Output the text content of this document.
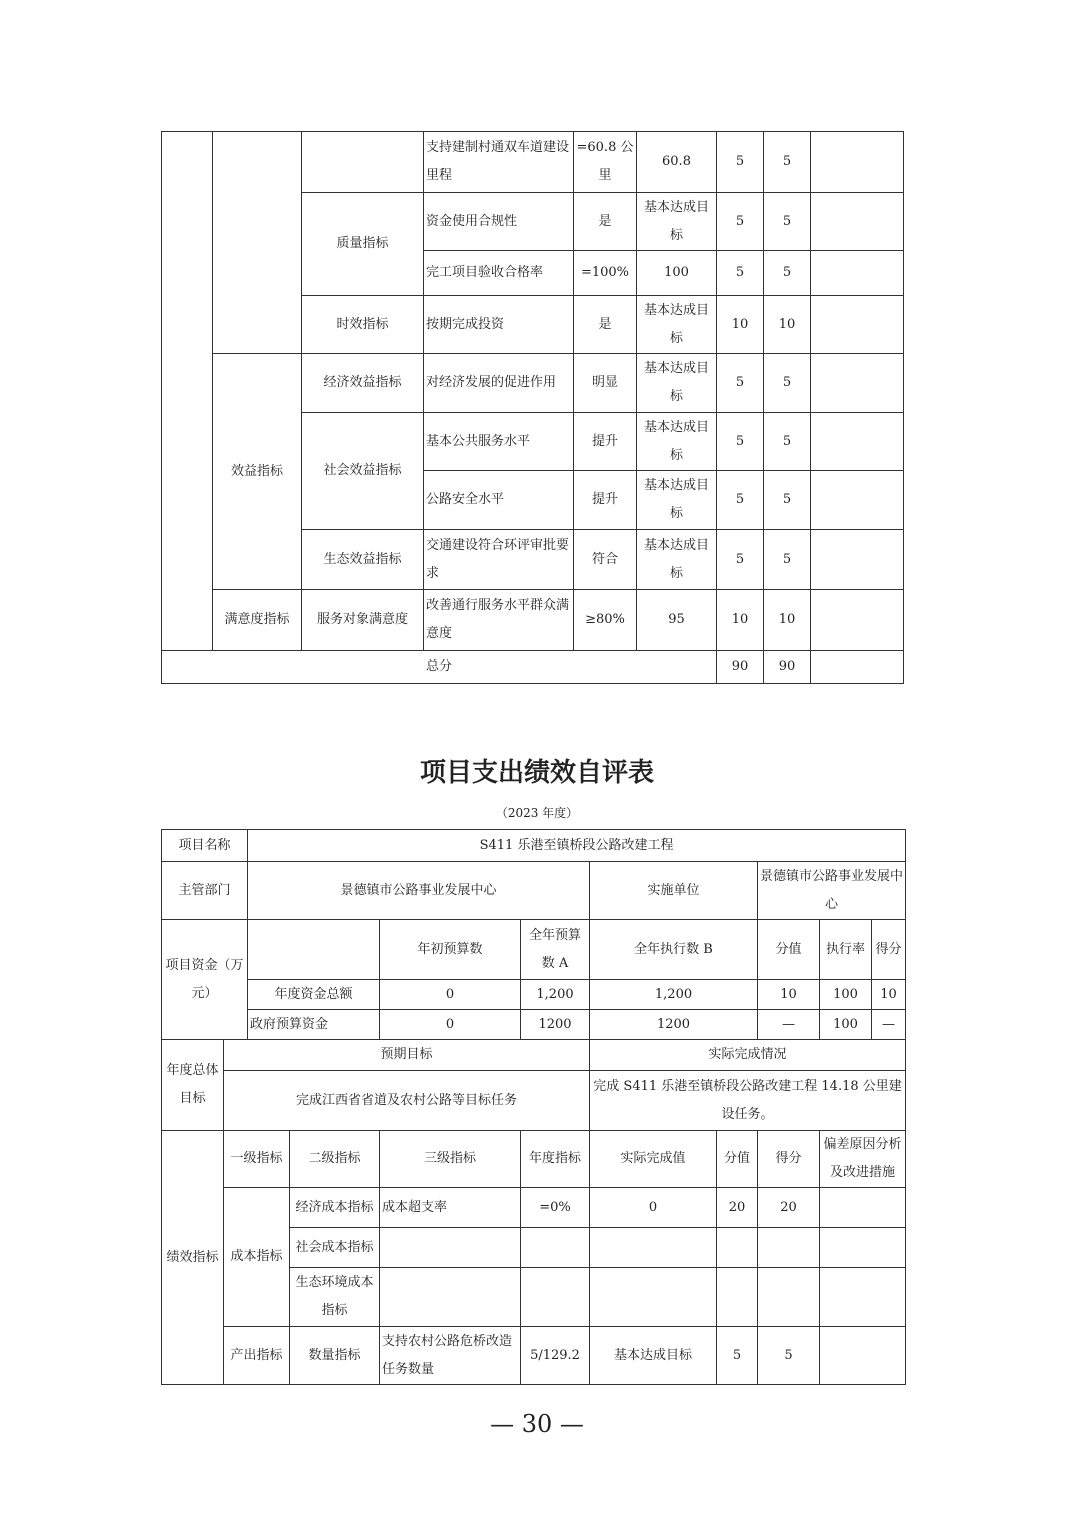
			支持建制村通双车道建设里程	=60.8 公里	60.8	5	5	
		质量指标	资金使用合规性	是	基本达成目标	5	5	
			完工项目验收合格率	=100%	100	5	5	
		时效指标	按期完成投资	是	基本达成目标	10	10	
	效益指标	经济效益指标	对经济发展的促进作用	明显	基本达成目标	5	5	
		社会效益指标	基本公共服务水平	提升	基本达成目标	5	5	
			公路安全水平	提升	基本达成目标	5	5	
		生态效益指标	交通建设符合环评审批要求	符合	基本达成目标	5	5	
	满意度指标	服务对象满意度	改善通行服务水平群众满意度	≥80%	95	10	10	
总分						90	90	
项目支出绩效自评表
（2023 年度）
项目名称		S411 乐港至镇桥段公路改建工程								
主管部门		景德镇市公路事业发展中心				实施单位		景德镇市公路事业发展中心		
项目资金（万元）				年初预算数	全年预算数 A	全年执行数 B		分值	执行率	得分
		年度资金总额		0	1,200	1,200		10	100	10
		政府预算资金		0	1200	1200		—	100	—
年度总体目标	预期目标					实际完成情况				
	完成江西省省道及农村公路等目标任务					完成 S411 乐港至镇桥段公路改建工程 14.18 公里建设任务。				
绩效指标	一级指标		二级指标	三级指标	年度指标	实际完成值	分值	得分	偏差原因分析及改进措施	
	成本指标		经济成本指标	成本超支率	=0%	0	20	20		
			社会成本指标							
			生态环境成本指标							
	产出指标		数量指标	支持农村公路危桥改造任务数量	5/129.2	基本达成目标	5	5		
— 30 —
